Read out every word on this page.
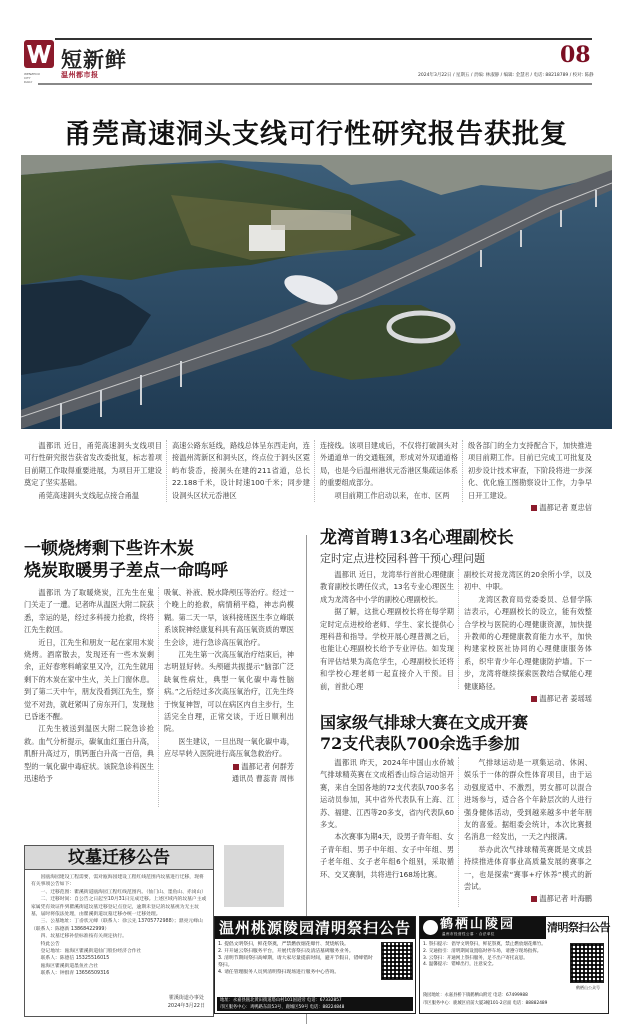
WENZHOU
CITY
DAILY
短新鲜
温州都市报
08
2024年3月22日 / 星期五 / 责编: 林淑静 / 编辑: 金慧君 / 电话: 88218789 / 校对: 陈静
甬莞高速洞头支线可行性研究报告获批复

温都讯 近日，甬莞高速洞头支线项目可行性研究报告获省发改委批复，标志着项目前期工作取得重要进展，为项目开工建设奠定了坚实基础。

甬莞高速洞头支线起点接合甬温

高速公路东延线，路线总体呈东西走向，连接温州湾新区和洞头区，终点位于洞头区霓屿布袋岙，接洞头在建的211省道，总长22.188千米，设计时速100千米；同步建设洞头区状元岙港区

连接线。该项目建成后，不仅将打破洞头对外通道单一的交通瓶颈，形成对外双通道格局，也是今后温州港状元岙港区集疏运体系的重要组成部分。

项目前期工作启动以来，在市、区两

级各部门的全力支持配合下，加快推进项目前期工作。目前已完成工可批复及初步设计技术审查，下阶段将进一步深化、优化施工图勘察设计工作，力争早日开工建设。

温都记者 夏忠信
一顿烧烤剩下些许木炭
烧炭取暖男子差点一命呜呼

温都讯 为了取暖烧炭，江先生在鬼门关走了一遭。记者昨从温医大附二院获悉，幸运的是，经过多科接力抢救，终将江先生救回。

近日，江先生和朋友一起在家用木炭烧烤。酒席散去，发现还有一些木炭剩余，正好春寒料峭家里又冷，江先生就用剩下的木炭在家中生火，关上门窗休息。到了第二天中午，朋友没看到江先生，察觉不对劲，就赶紧叫了房东开门，发现他已昏迷不醒。

江先生被送到温医大附二院急诊抢救。血气分析提示，碳氧血红蛋白升高，肌酐升高过万，肌钙蛋白升高一百倍，典型的一氧化碳中毒症状。该院急诊科医生迅速给予

吸氧、补液、脱水降颅压等治疗。经过一个晚上的抢救，病情稍平稳，神志尚模糊。第二天一早，该科接班医生李立峰联系该院神经康复科具有高压氧资质的覃医生会诊，进行急诊高压氧治疗。

江先生第一次高压氧治疗结束后，神志明显好转。头颅磁共振提示“脑部广泛缺氧性病灶，典型一氧化碳中毒性脑病。”之后经过多次高压氧治疗，江先生终于恢复神智，可以在病区内自主步行，生活完全自理，正常交谈，于近日顺利出院。

医生建议，一旦出现一氧化碳中毒，应尽早转入医院进行高压氧急救治疗。

温都记者 何群芳
通讯员 曹蕊青 周伟
龙湾首聘13名心理副校长
定时定点进校园科普干预心理问题

温都讯 近日，龙湾举行首批心理健康教育副校长聘任仪式，13名专业心理医生成为龙湾各中小学的副校心理副校长。

据了解，这批心理副校长将在每学期定时定点进校给老师、学生、家长提供心理科普和指导。学校开展心理普测之后，也能让心理副校长给予专业评估。如发现有评估结果为高危学生，心理副校长还将和学校心理老师一起直接介入干预。目前，首批心理

副校长对接龙湾区的20余所小学，以及初中、中职。

龙湾区教育局党委委员、总督学陈洁表示，心理副校长的设立，能有效整合学校与医院的心理健康资源，加快提升教师的心理健康教育能力水平，加快构建家校医社协同的心理健康服务体系，织牢青少年心理健康防护墙。下一步，龙湾将继续探索医教结合赋能心理健康路径。

温都记者 姜瑶瑶
国家级气排球大赛在文成开赛
72支代表队700余选手参加

温都讯 昨天，2024年中国山水侨城气排球精英赛在文成稻香山综合运动馆开赛，来自全国各地的72支代表队700多名运动员参加，其中省外代表队有上海、江苏、福建、江西等20多支，省内代表队60多支。

本次赛事为期4天，设男子青年组、女子青年组、男子中年组、女子中年组、男子老年组、女子老年组6个组别，采取循环、交叉赛制，共将进行168场比赛。

气排球运动是一项集运动、休闲、娱乐于一体的群众性体育项目，由于运动强度适中、不激烈，男女都可以混合进场参与，适合各个年龄层次的人进行强身健体活动，受到越来越多中老年朋友的喜爱。据组委会统计，本次比赛报名消息一经发出，一天之内报满。

举办此次气排球精英赛既是文成县持续推进体育事业高质量发展的赛事之一，也是探索“赛事+疗休养”模式的新尝试。

温都记者 叶海鹏
坟墓迁移公告

因瓯海园建设工程需要，需对瓯海园建设工程红线范围内坟墓进行迁移，现将有关事项公告如下：

一、迁移范围：瞿溪街道瓯海园工程红线范围内。（仙门山、墨鱼山、赤岗山）

二、迁移时间：自公告之日起至10月31日完成迁移。上述区域内的坟墓户主或家属凭有效证件到瞿溪街道坟墓迁移登记点登记，逾期未登记的坟墓视为无主坟墓，届时将依法处理，由瞿溪街道坟墓迁移办统一迁移处理。

三、公墓地址：丁岙状元峰（联系人：徐云先 13705772988）；鼎亮元峰山（联系人：陈德新 13868422999）

四、坟墓迁移补偿标准按有关规定执行。

特此公告

登记地址：瓯海区瞿溪街道仙门股份经济合作社

联系人：陈德信 15325516015

瓯海区瞿溪街道墨鱼社合社

联系人：钟群青 13656509316

瞿溪街道办事处
2024年3月22日
温州桃源陵园清明祭扫公告
1. 提倡文明祭扫，鲜花祭奠，严禁燃放烟花爆竹、焚烧纸钱。
2. 开开通云祭扫服务平台，开展代客祭扫及清洁墓碑服务业务。
3. 清明节期间祭扫高峰期，请大家尽量提前时间，避开节假日，错峰错时祭扫。
4. 请任管理服务人员到清明祭扫现场进行服务中心咨询。
地址：永嘉县瓯北黄田街道塔山村101国道旁 电话：67332857
市区服务中心：鸡鸭路东段53号、鹿城区59号 电话：88224848
鹤栖山陵园
温州市经营性公墓 · 合法单位	清明祭扫公告
1. 祭扫提示：倡导文明祭扫，鲜花祭奠，禁止燃放烟花爆竹。
2. 交通指引：清明期间设置临时停车场，请遵守现场指挥。
3. 云祭扫：开通网上祭扫服务，足不出户寄托哀思。
4. 温馨提示：错峰出行，注意安全。
鹤栖山公众号
陵园地址：永嘉县桥下镇鹤栖山附近 电话：67499988
市区服务中心：鹿城区府前大厦3幢101-2店面 电话：88882489
